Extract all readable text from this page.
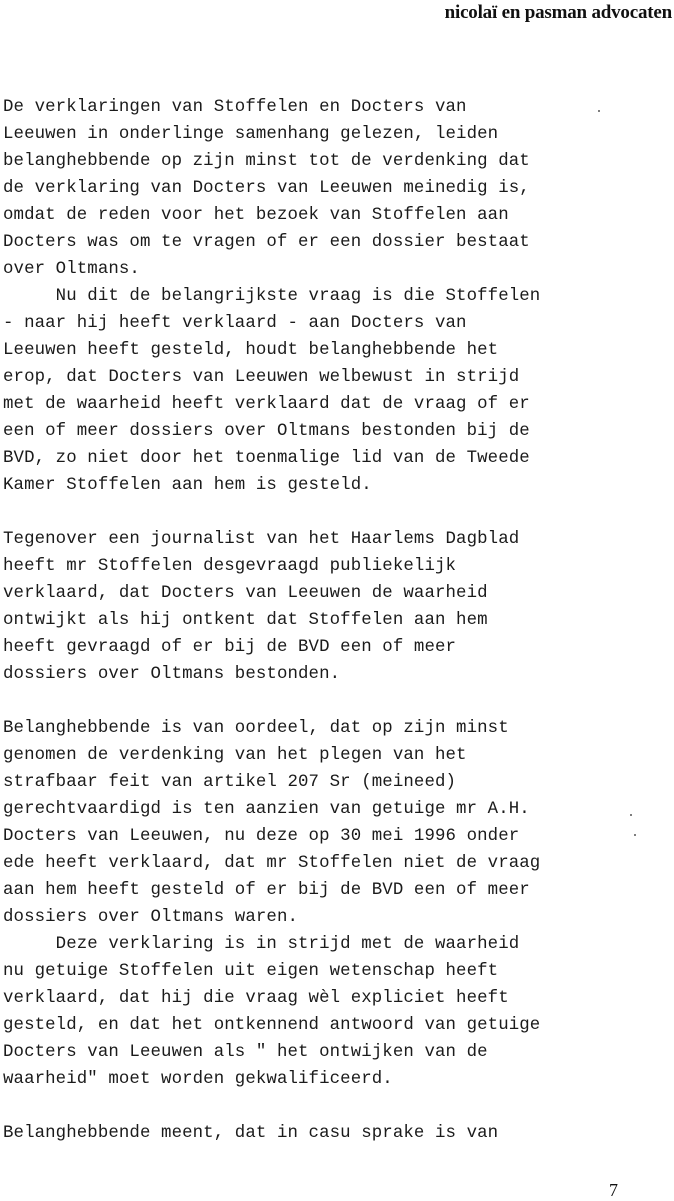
nicolaï en pasman advocaten
De verklaringen van Stoffelen en Docters van
Leeuwen in onderlinge samenhang gelezen, leiden
belanghebbende op zijn minst tot de verdenking dat
de verklaring van Docters van Leeuwen meinedig is,
omdat de reden voor het bezoek van Stoffelen aan
Docters was om te vragen of er een dossier bestaat
over Oltmans.
Nu dit de belangrijkste vraag is die Stoffelen
- naar hij heeft verklaard - aan Docters van
Leeuwen heeft gesteld, houdt belanghebbende het
erop, dat Docters van Leeuwen welbewust in strijd
met de waarheid heeft verklaard dat de vraag of er
een of meer dossiers over Oltmans bestonden bij de
BVD, zo niet door het toenmalige lid van de Tweede
Kamer Stoffelen aan hem is gesteld.
Tegenover een journalist van het Haarlems Dagblad
heeft mr Stoffelen desgevraagd publiekelijk
verklaard, dat Docters van Leeuwen de waarheid
ontwijkt als hij ontkent dat Stoffelen aan hem
heeft gevraagd of er bij de BVD een of meer
dossiers over Oltmans bestonden.
Belanghebbende is van oordeel, dat op zijn minst
genomen de verdenking van het plegen van het
strafbaar feit van artikel 207 Sr (meineed)
gerechtvaardigd is ten aanzien van getuige mr A.H.
Docters van Leeuwen, nu deze op 30 mei 1996 onder
ede heeft verklaard, dat mr Stoffelen niet de vraag
aan hem heeft gesteld of er bij de BVD een of meer
dossiers over Oltmans waren.
Deze verklaring is in strijd met de waarheid
nu getuige Stoffelen uit eigen wetenschap heeft
verklaard, dat hij die vraag wèl expliciet heeft
gesteld, en dat het ontkennend antwoord van getuige
Docters van Leeuwen als " het ontwijken van de
waarheid" moet worden gekwalificeerd.
Belanghebbende meent, dat in casu sprake is van
7
